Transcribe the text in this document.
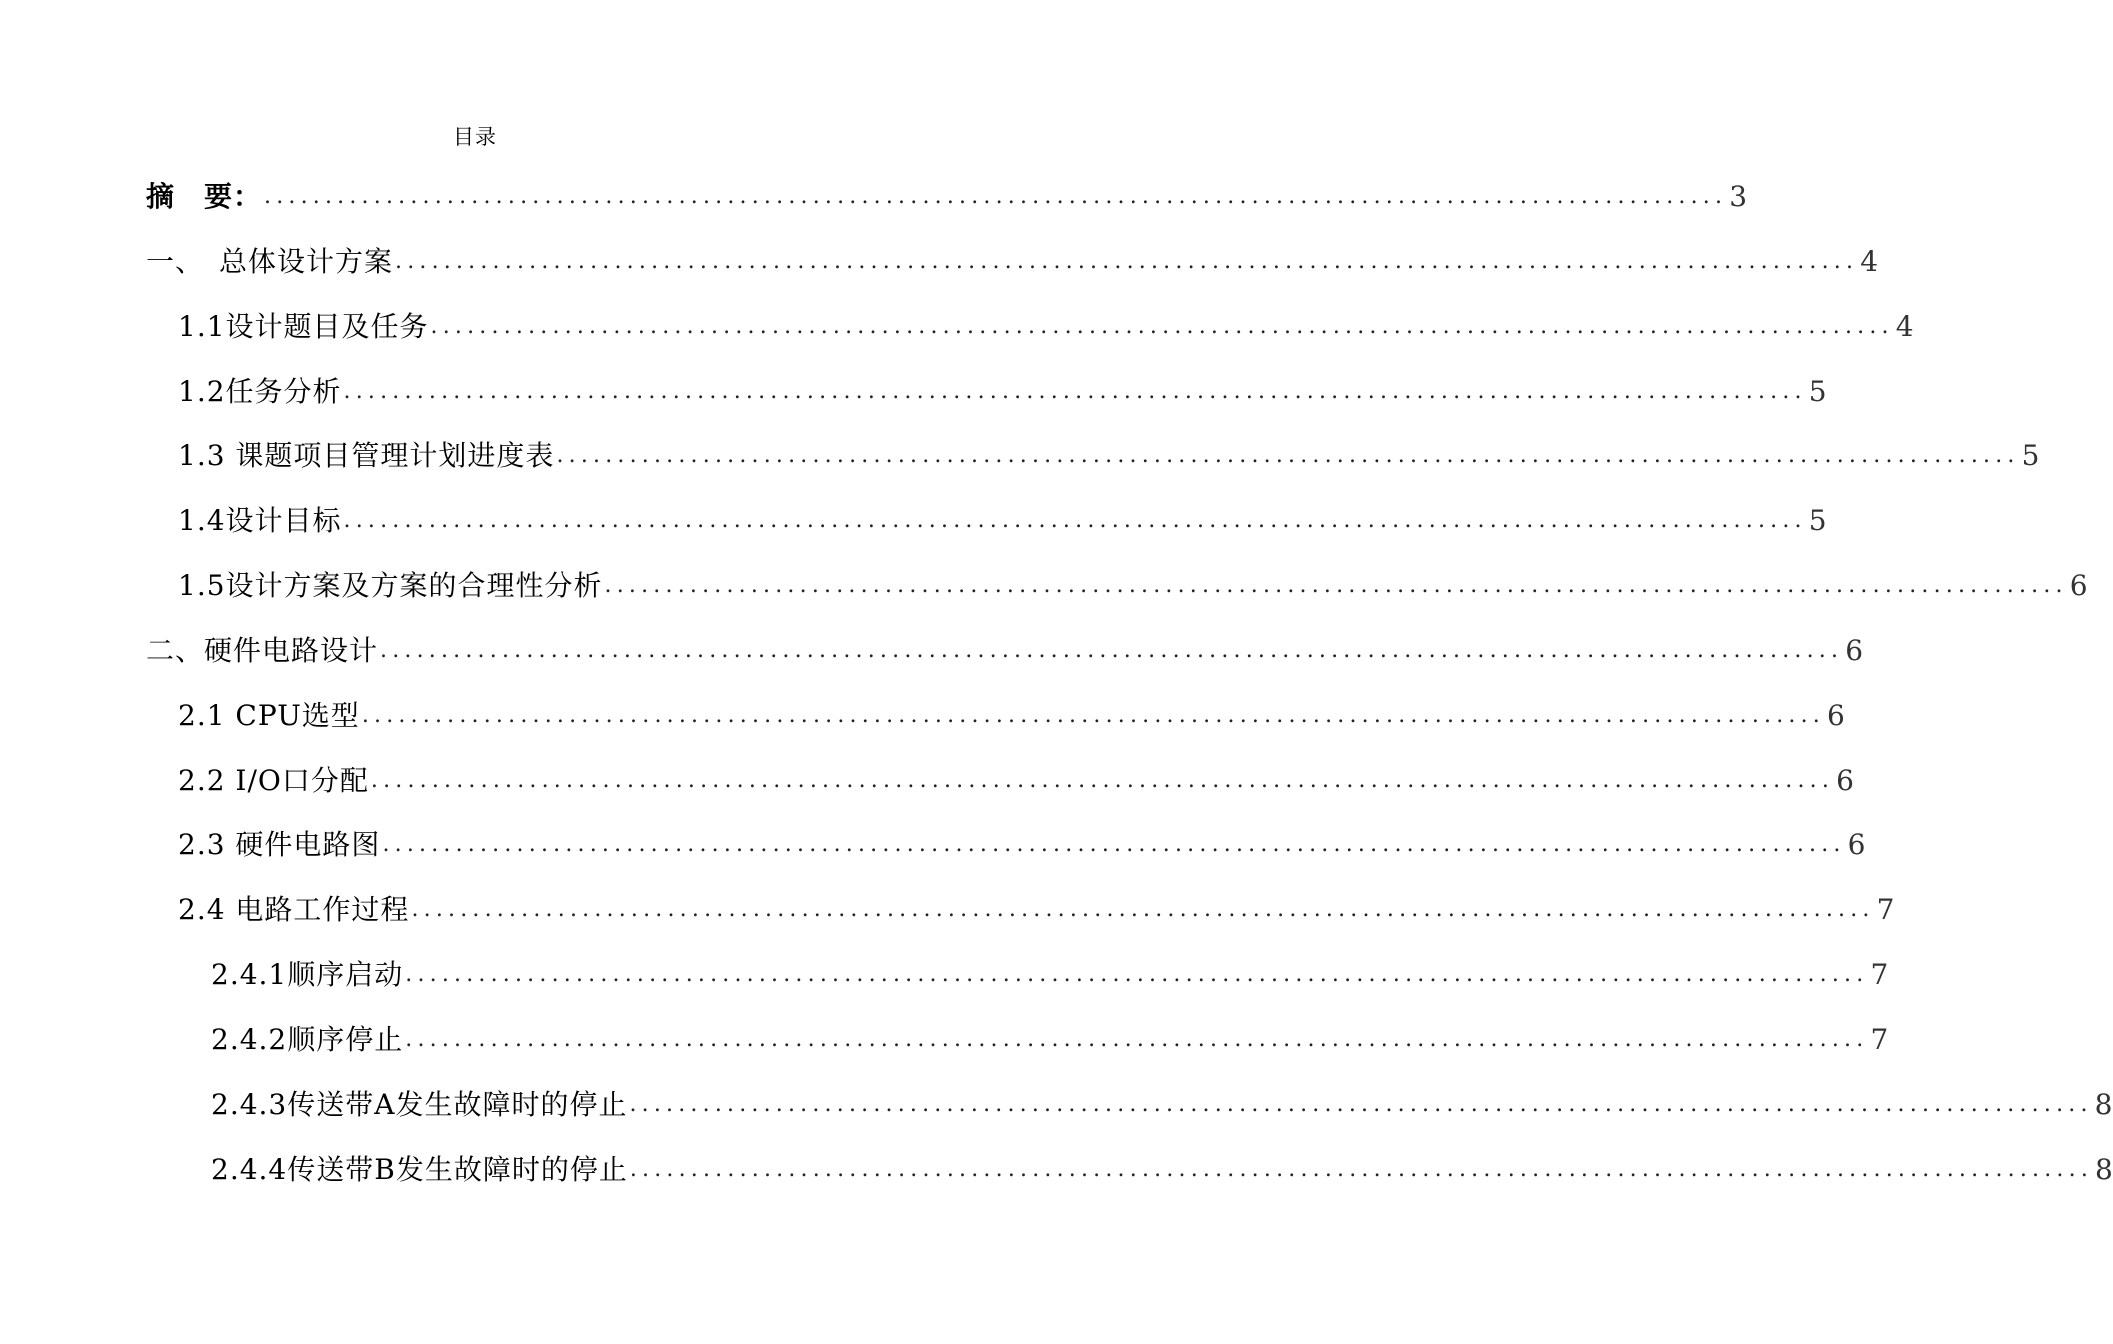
目录
摘　要： ........................................................................................................................ 3
一、　总体设计方案 ........................................................................................................................ 4
1.1设计题目及任务 ........................................................................................................................ 4
1.2任务分析 ........................................................................................................................ 5
1.3 课题项目管理计划进度表 ........................................................................................................................ 5
1.4设计目标 ........................................................................................................................ 5
1.5设计方案及方案的合理性分析 ........................................................................................................................ 6
二、硬件电路设计 ........................................................................................................................ 6
2.1 CPU选型 ........................................................................................................................ 6
2.2 I/O口分配 ........................................................................................................................ 6
2.3 硬件电路图 ........................................................................................................................ 6
2.4 电路工作过程 ........................................................................................................................ 7
2.4.1顺序启动 ........................................................................................................................ 7
2.4.2顺序停止 ........................................................................................................................ 7
2.4.3传送带A发生故障时的停止 ........................................................................................................................ 8
2.4.4传送带B发生故障时的停止 ........................................................................................................................ 8
